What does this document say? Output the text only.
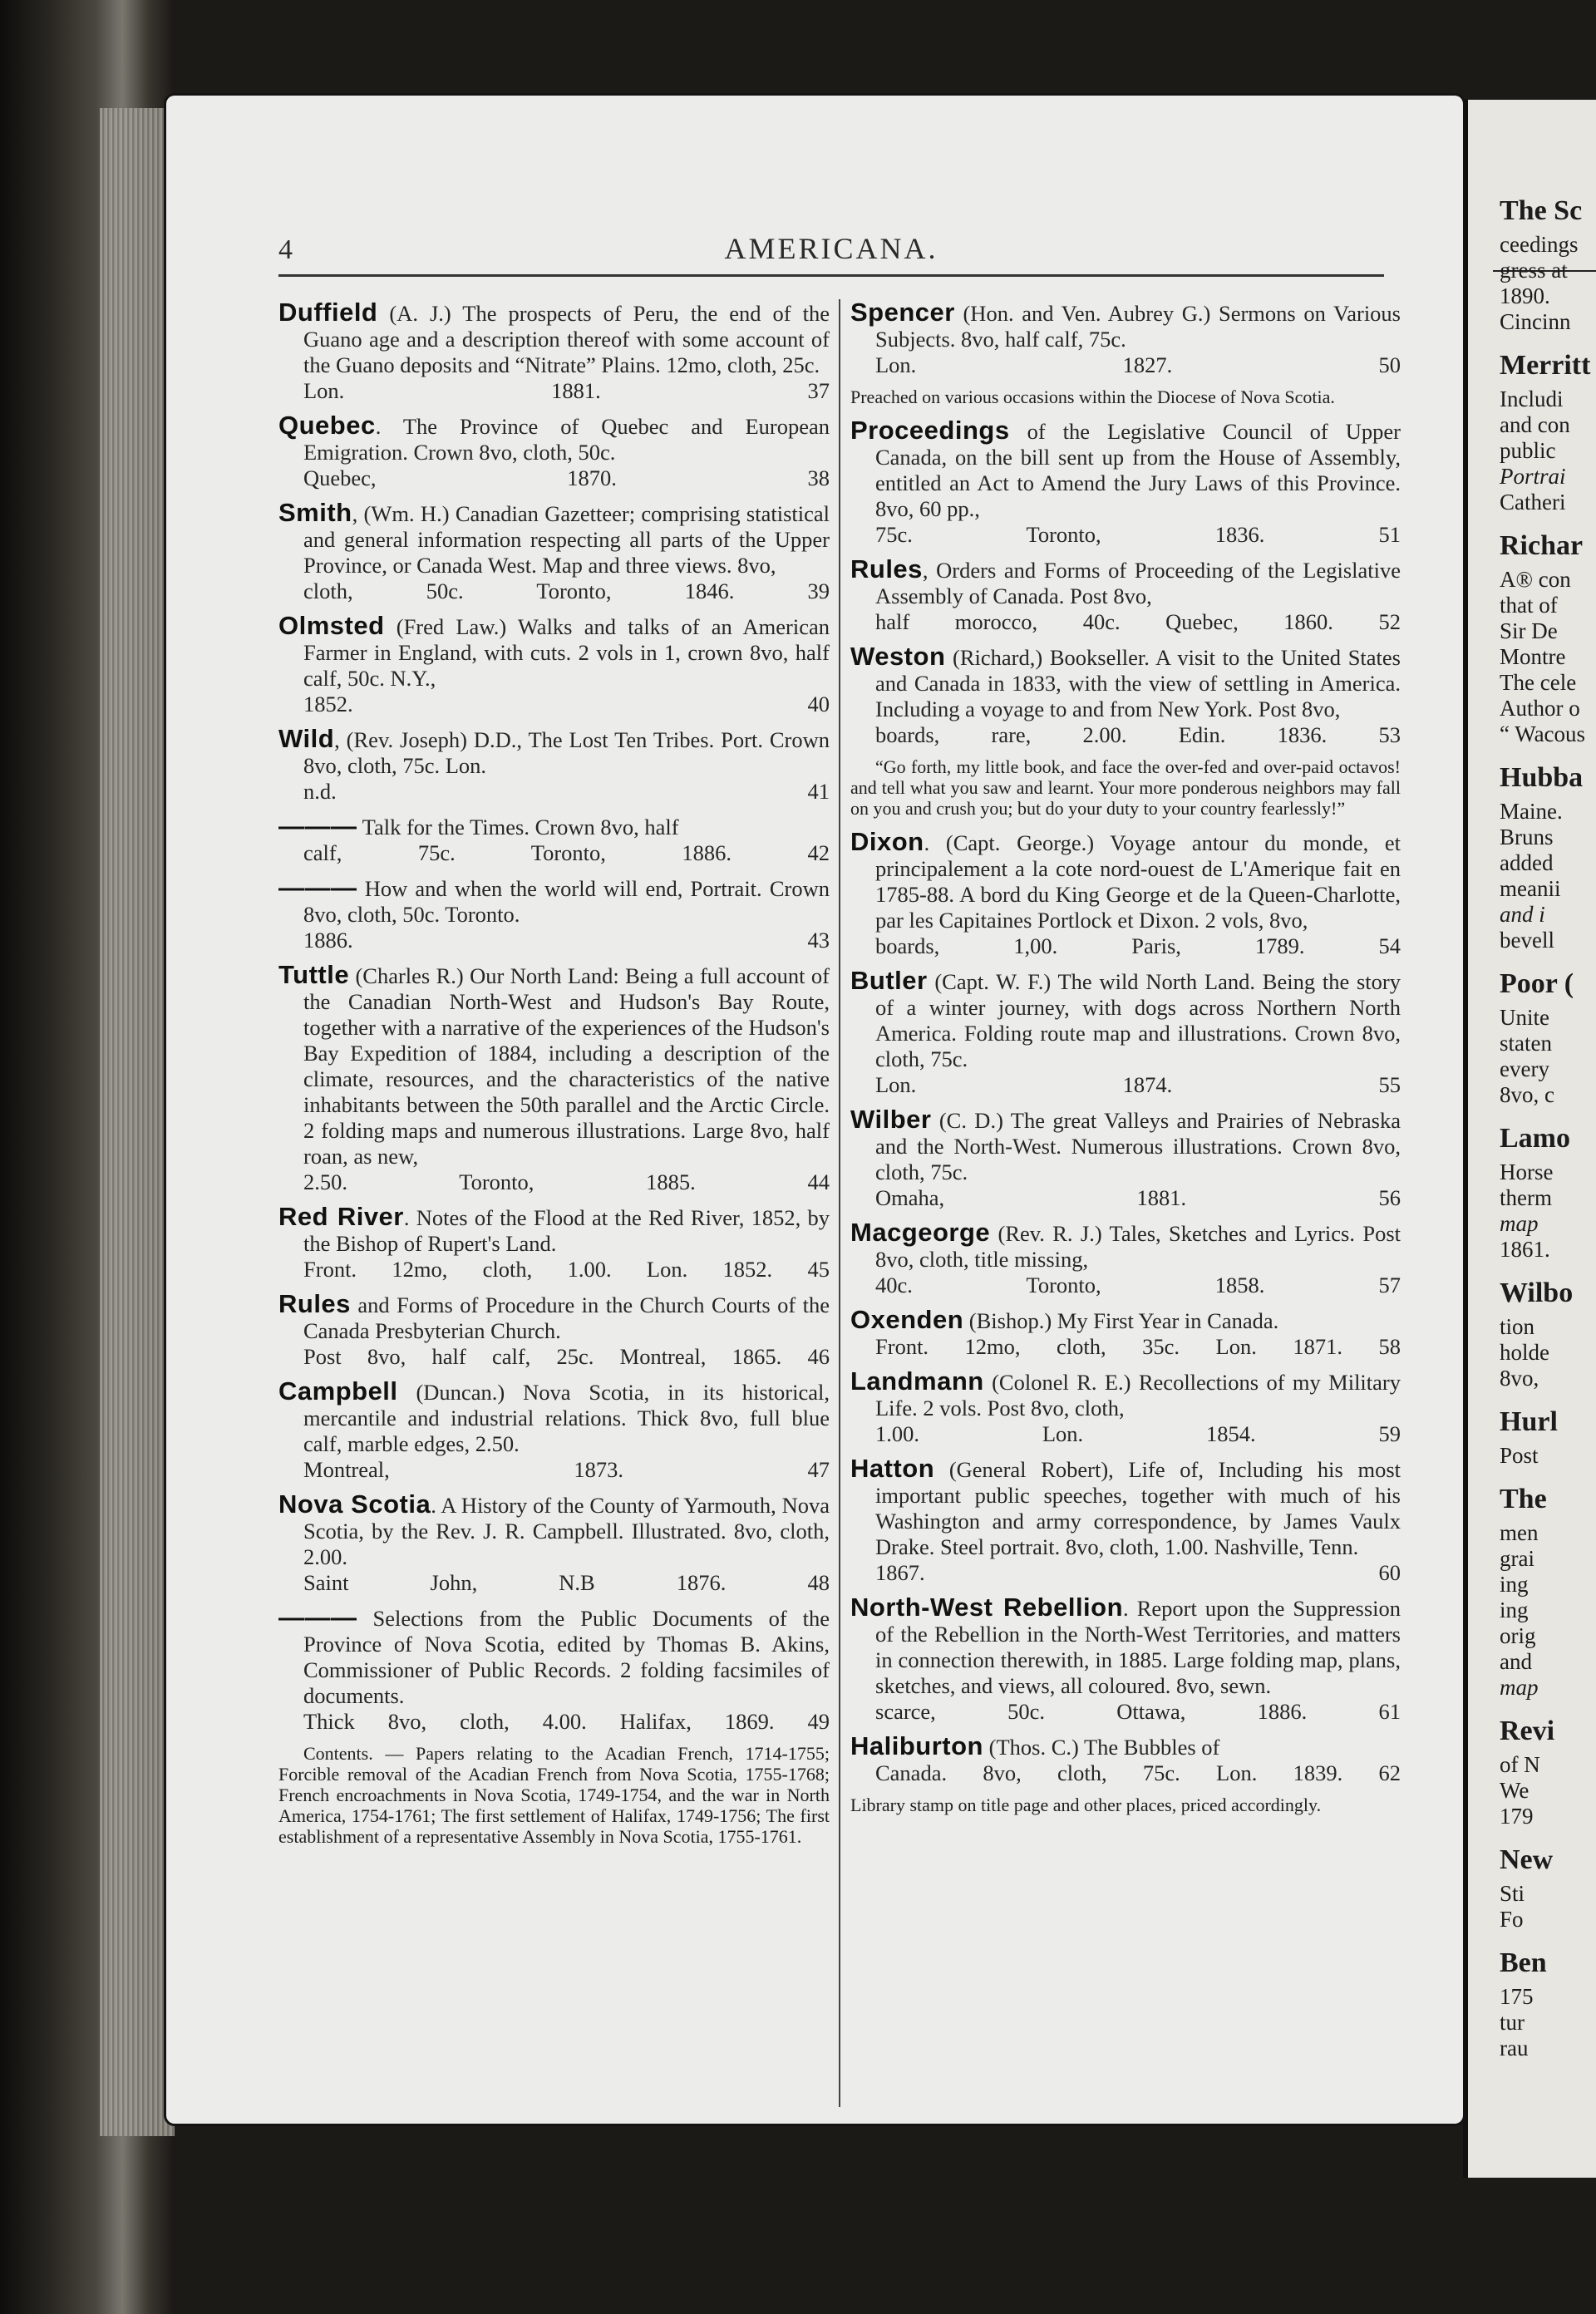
The Sc
ceedings
gress at
1890.
Cincinn
Merritt
Includi
and con
public
Portrai
Catheri
Richar
A® con
that of
Sir De
Montre
The cele
Author o
“ Wacous
Hubba
Maine.
Bruns
added
meanii
and i
bevell
Poor (
Unite
staten
every
8vo, c
Lamo
Horse
therm
map
1861.
Wilbo
tion
holde
8vo,
Hurl
Post
The
men
grai
ing
ing
orig
and
map
Revi
of N
We
179
New
Sti
Fo
Ben
175
tur
rau
4	AMERICANA.

Duffield (A. J.) The prospects of Peru, the end of the Guano age and a description thereof with some account of the Guano deposits and “Nitrate” Plains. 12mo, cloth, 25c.
Lon. 1881.	37

Quebec. The Province of Quebec and European Emigration. Crown 8vo, cloth, 50c.
Quebec, 1870.	38

Smith, (Wm. H.) Canadian Gazetteer; comprising statistical and general information respecting all parts of the Upper Province, or Canada West. Map and three views. 8vo,
cloth, 50c. Toronto, 1846.	39

Olmsted (Fred Law.) Walks and talks of an American Farmer in England, with cuts. 2 vols in 1, crown 8vo, half calf, 50c. N.Y.,
1852.	40

Wild, (Rev. Joseph) D.D., The Lost Ten Tribes. Port. Crown 8vo, cloth, 75c. Lon.
n.d.	41

——— Talk for the Times. Crown 8vo, half
calf, 75c. Toronto, 1886.	42

——— How and when the world will end, Portrait. Crown 8vo, cloth, 50c. Toronto.
1886.	43

Tuttle (Charles R.) Our North Land: Being a full account of the Canadian North-West and Hudson's Bay Route, together with a narrative of the experiences of the Hudson's Bay Expedition of 1884, including a description of the climate, resources, and the characteristics of the native inhabitants between the 50th parallel and the Arctic Circle. 2 folding maps and numerous illustrations. Large 8vo, half roan, as new,
2.50. Toronto, 1885.	44

Red River. Notes of the Flood at the Red River, 1852, by the Bishop of Rupert's Land.
Front. 12mo, cloth, 1.00. Lon. 1852. 45

Rules and Forms of Procedure in the Church Courts of the Canada Presbyterian Church.
Post 8vo, half calf, 25c. Montreal, 1865. 46

Campbell (Duncan.) Nova Scotia, in its historical, mercantile and industrial relations. Thick 8vo, full blue calf, marble edges, 2.50.
Montreal, 1873.	47

Nova Scotia. A History of the County of Yarmouth, Nova Scotia, by the Rev. J. R. Campbell. Illustrated. 8vo, cloth, 2.00.
Saint John, N.B 1876.	48

——— Selections from the Public Documents of the Province of Nova Scotia, edited by Thomas B. Akins, Commissioner of Public Records. 2 folding facsimiles of documents.
Thick 8vo, cloth, 4.00. Halifax, 1869. 49

Contents. — Papers relating to the Acadian French, 1714-1755; Forcible removal of the Acadian French from Nova Scotia, 1755-1768; French encroachments in Nova Scotia, 1749-1754, and the war in North America, 1754-1761; The first settlement of Halifax, 1749-1756; The first establishment of a representative Assembly in Nova Scotia, 1755-1761.

Spencer (Hon. and Ven. Aubrey G.) Sermons on Various Subjects. 8vo, half calf, 75c.
Lon. 1827.	50

Preached on various occasions within the Diocese of Nova Scotia.

Proceedings of the Legislative Council of Upper Canada, on the bill sent up from the House of Assembly, entitled an Act to Amend the Jury Laws of this Province. 8vo, 60 pp.,
75c. Toronto, 1836.	51

Rules, Orders and Forms of Proceeding of the Legislative Assembly of Canada. Post 8vo,
half morocco, 40c. Quebec, 1860. 52

Weston (Richard,) Bookseller. A visit to the United States and Canada in 1833, with the view of settling in America. Including a voyage to and from New York. Post 8vo,
boards, rare, 2.00. Edin. 1836. 53

“Go forth, my little book, and face the over-fed and over-paid octavos! and tell what you saw and learnt. Your more ponderous neighbors may fall on you and crush you; but do your duty to your country fearlessly!”

Dixon. (Capt. George.) Voyage antour du monde, et principalement a la cote nord-ouest de L'Amerique fait en 1785-88. A bord du King George et de la Queen-Charlotte, par les Capitaines Portlock et Dixon. 2 vols, 8vo,
boards, 1,00. Paris, 1789.	54

Butler (Capt. W. F.) The wild North Land. Being the story of a winter journey, with dogs across Northern North America. Folding route map and illustrations. Crown 8vo, cloth, 75c.
Lon. 1874.	55

Wilber (C. D.) The great Valleys and Prairies of Nebraska and the North-West. Numerous illustrations. Crown 8vo, cloth, 75c.
Omaha, 1881.	56

Macgeorge (Rev. R. J.) Tales, Sketches and Lyrics. Post 8vo, cloth, title missing,
40c. Toronto, 1858.	57

Oxenden (Bishop.) My First Year in Canada.
Front. 12mo, cloth, 35c. Lon. 1871. 58

Landmann (Colonel R. E.) Recollections of my Military Life. 2 vols. Post 8vo, cloth,
1.00. Lon. 1854.	59

Hatton (General Robert), Life of, Including his most important public speeches, together with much of his Washington and army correspondence, by James Vaulx Drake. Steel portrait. 8vo, cloth, 1.00. Nashville, Tenn.
1867.	60

North-West Rebellion. Report upon the Suppression of the Rebellion in the North-West Territories, and matters in connection therewith, in 1885. Large folding map, plans, sketches, and views, all coloured. 8vo, sewn.
scarce, 50c. Ottawa, 1886.	61

Haliburton (Thos. C.) The Bubbles of
Canada. 8vo, cloth, 75c. Lon. 1839. 62

Library stamp on title page and other places, priced accordingly.
